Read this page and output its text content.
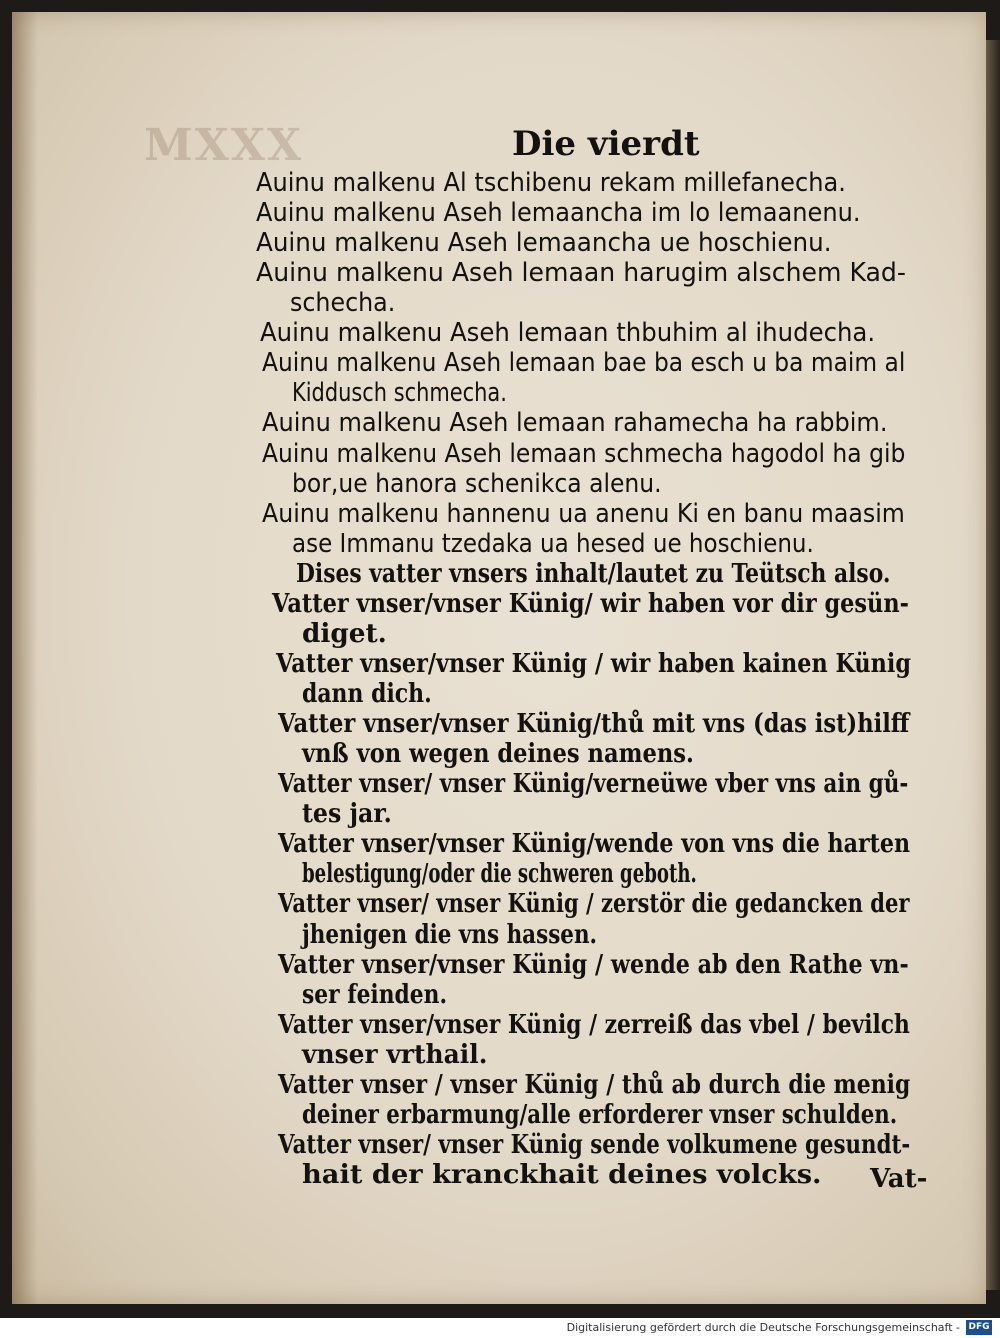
MXXX	Die vierdt
Auinu malkenu Al tschibenu rekam millefanecha.
Auinu malkenu Aseh lemaancha im lo lemaanenu.
Auinu malkenu Aseh lemaancha ue hoschienu.
Auinu malkenu Aseh lemaan harugim alschem Kad-
schecha.
Auinu malkenu Aseh lemaan thbuhim al ihudecha.
Auinu malkenu Aseh lemaan bae ba esch u ba maim al
Kiddusch schmecha.
Auinu malkenu Aseh lemaan rahamecha ha rabbim.
Auinu malkenu Aseh lemaan schmecha hagodol ha gib
bor,ue hanora schenikca alenu.
Auinu malkenu hannenu ua anenu Ki en banu maasim
ase Immanu tzedaka ua hesed ue hoschienu.
Dises vatter vnsers inhalt/lautet zu Teütsch also.
Vatter vnser/vnser Künig/ wir haben vor dir gesün-
diget.
Vatter vnser/vnser Künig / wir haben kainen Künig
dann dich.
Vatter vnser/vnser Künig/thů mit vns (das ist)hilff
vnß von wegen deines namens.
Vatter vnser/ vnser Künig/verneüwe vber vns ain gů-
tes jar.
Vatter vnser/vnser Künig/wende von vns die harten
belestigung/oder die schweren geboth.
Vatter vnser/ vnser Künig / zerstör die gedancken der
jhenigen die vns hassen.
Vatter vnser/vnser Künig / wende ab den Rathe vn-
ser feinden.
Vatter vnser/vnser Künig / zerreiß das vbel / bevilch
vnser vrthail.
Vatter vnser / vnser Künig / thů ab durch die menig
deiner erbarmung/alle erforderer vnser schulden.
Vatter vnser/ vnser Künig sende volkumene gesundt-
hait der kranckhait deines volcks. Vat-
Digitalisierung gefördert durch die Deutsche Forschungsgemeinschaft - DFG
